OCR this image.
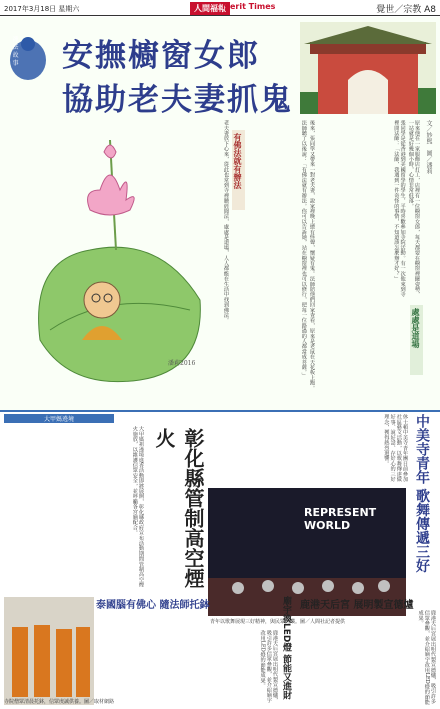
2017年3月18日 星期六	人間福報
Merit Times	覺世／宗教 A8
禪 法 故 事 安撫櫥窗女郎
協助老夫妻抓鬼
潘莉2016
有佛法就有辦法
處處是道場
文／妙熙　圖／潘莉

老夫妻放下心來，從此也常到寺裡聽經聞法，處處是道場，人人都能在生活中找到佛法。	後來，張同學又帶來一對老夫妻，說家裡晚上總有怪聲，懷疑有鬼。法師陪他們回家查看，原來是老鼠在天花板上跑。

法師聽了以後說：「有佛法就有辦法。你可以告訴她，站在櫥窗裡也可以修行，把每一位路過的人都當成菩薩。」	原來他在一家服飾店打工，店裡有一位櫥窗女郎，每天都要在櫥窗裡擺姿勢，一站就是好幾個小時，心情非常低落。

張同學是從香港到美國留學的學生，平時喜歡參加寺院活動。有一次他來到寺裡問法師：「法師，我遇到一件奇怪的事情，不知道該怎麼辦才好？」

大甲媽遶境
彰化縣管制高空煙火
大甲媽祖遶境進香活動即將展開，彰化縣政府宣布活動期間管制高空煙火施放，以維護信眾安全，並呼籲各宮廟配合。	中美寺青年 歌舞傳遞三好
休士頓中美寺青年團日前參加社區藝文活動，以歌舞傳達做好事、說好話、存好心的三好理念，獲得熱烈迴響。
REPRESENT
WORLD
青年以歌舞展現三好精神，與民眾同樂。圖／人間社記者提供
泰國腦有佛心 隨法師托鉢
寺院僧眾清晨托鉢，信眾虔誠供養。圖／取材網路
鹿港天后宮 展明製宣德爐
廟宇換LED燈 節能又進財	鹿港天后宮展出明代製宣德爐，吸引許多信眾參觀，並介紹廟宇改用LED燈的節能成果。
鹿港天后宮展出明代製宣德爐，吸引許多信眾參觀，並介紹廟宇改用LED燈的節能成果。
